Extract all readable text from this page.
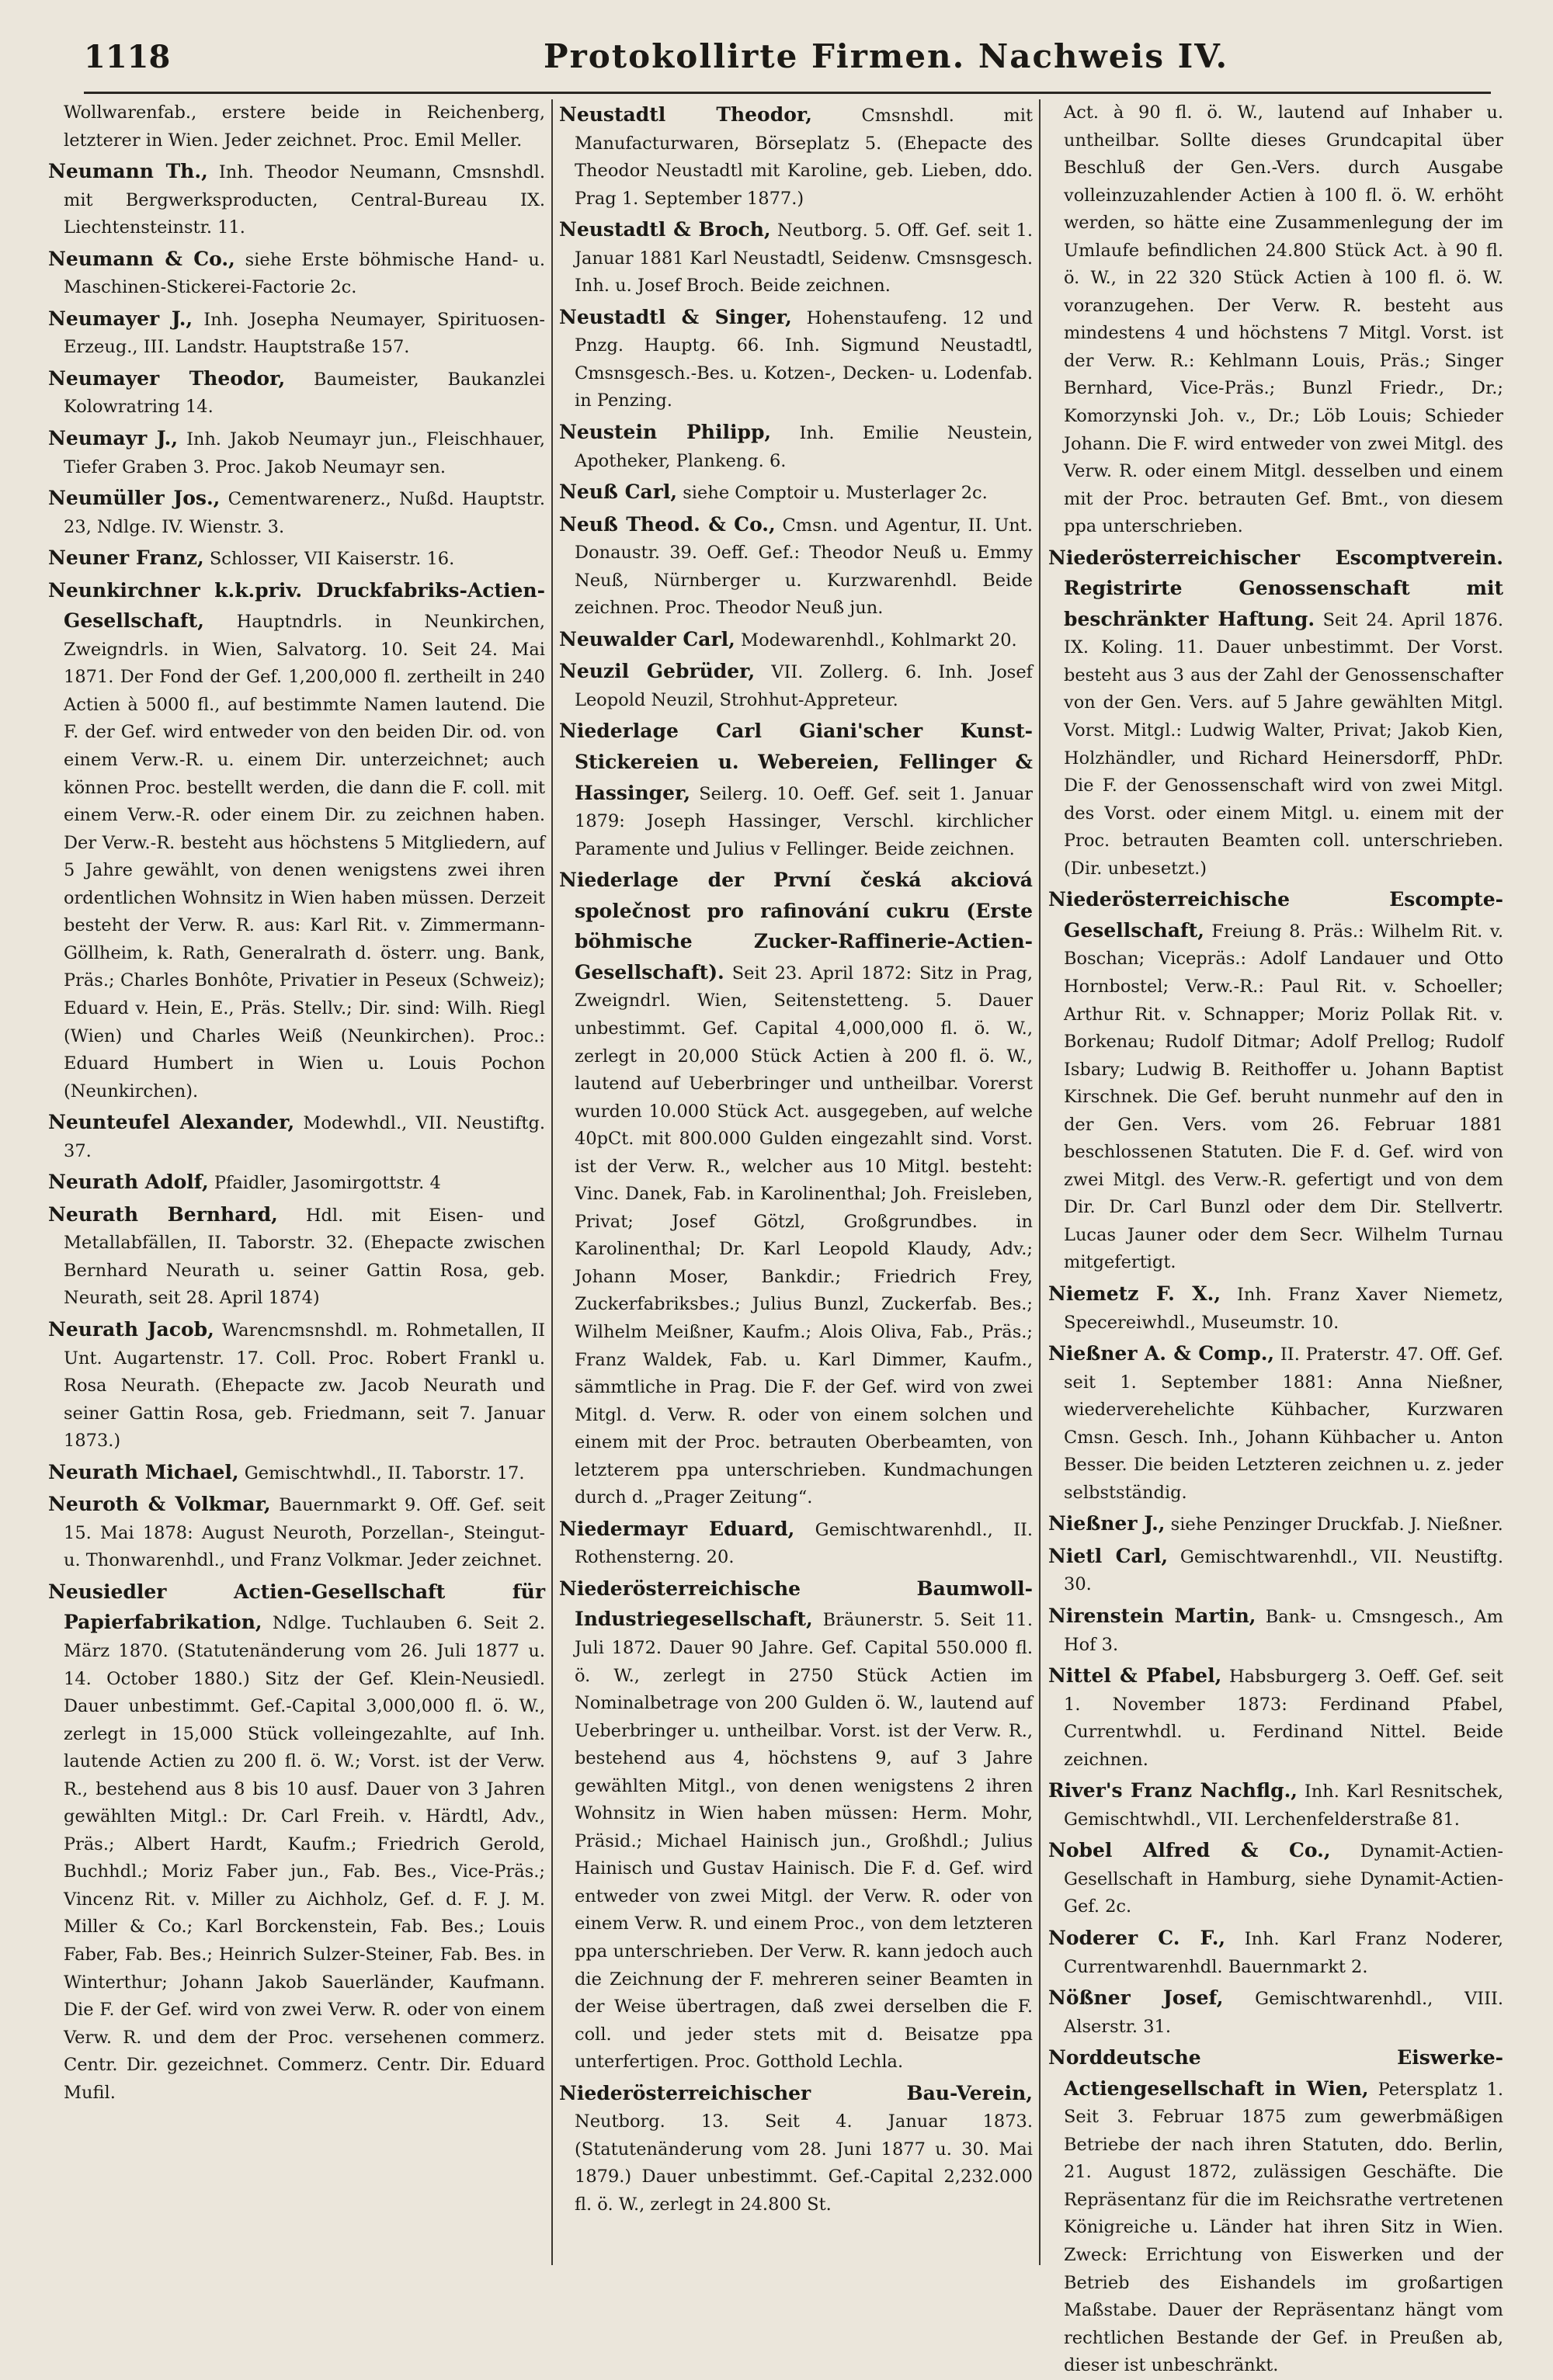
1118	Protokollirte Firmen. Nachweis IV.

Wollwarenfab., erstere beide in Reichenberg, letzterer in Wien. Jeder zeichnet. Proc. Emil Meller.

Neumann Th., Inh. Theodor Neumann, Cmsnshdl. mit Bergwerksproducten, Central-Bureau IX. Liechtensteinstr. 11.

Neumann & Co., siehe Erste böhmische Hand- u. Maschinen-Stickerei-Factorie 2c.

Neumayer J., Inh. Josepha Neumayer, Spirituosen-Erzeug., III. Landstr. Hauptstraße 157.

Neumayer Theodor, Baumeister, Baukanzlei Kolowratring 14.

Neumayr J., Inh. Jakob Neumayr jun., Fleischhauer, Tiefer Graben 3. Proc. Jakob Neumayr sen.

Neumüller Jos., Cementwarenerz., Nußd. Hauptstr. 23, Ndlge. IV. Wienstr. 3.

Neuner Franz, Schlosser, VII Kaiserstr. 16.

Neunkirchner k.k.priv. Druckfabriks-Actien-Gesellschaft, Hauptndrls. in Neunkirchen, Zweigndrls. in Wien, Salvatorg. 10. Seit 24. Mai 1871. Der Fond der Gef. 1,200,000 fl. zertheilt in 240 Actien à 5000 fl., auf bestimmte Namen lautend. Die F. der Gef. wird entweder von den beiden Dir. od. von einem Verw.-R. u. einem Dir. unterzeichnet; auch können Proc. bestellt werden, die dann die F. coll. mit einem Verw.-R. oder einem Dir. zu zeichnen haben. Der Verw.-R. besteht aus höchstens 5 Mitgliedern, auf 5 Jahre gewählt, von denen wenigstens zwei ihren ordentlichen Wohnsitz in Wien haben müssen. Derzeit besteht der Verw. R. aus: Karl Rit. v. Zimmermann-Göllheim, k. Rath, Generalrath d. österr. ung. Bank, Präs.; Charles Bonhôte, Privatier in Peseux (Schweiz); Eduard v. Hein, E., Präs. Stellv.; Dir. sind: Wilh. Riegl (Wien) und Charles Weiß (Neunkirchen). Proc.: Eduard Humbert in Wien u. Louis Pochon (Neunkirchen).

Neunteufel Alexander, Modewhdl., VII. Neustiftg. 37.

Neurath Adolf, Pfaidler, Jasomirgottstr. 4

Neurath Bernhard, Hdl. mit Eisen- und Metallabfällen, II. Taborstr. 32. (Ehepacte zwischen Bernhard Neurath u. seiner Gattin Rosa, geb. Neurath, seit 28. April 1874)

Neurath Jacob, Warencmsnshdl. m. Rohmetallen, II Unt. Augartenstr. 17. Coll. Proc. Robert Frankl u. Rosa Neurath. (Ehepacte zw. Jacob Neurath und seiner Gattin Rosa, geb. Friedmann, seit 7. Januar 1873.)

Neurath Michael, Gemischtwhdl., II. Taborstr. 17.

Neuroth & Volkmar, Bauernmarkt 9. Off. Gef. seit 15. Mai 1878: August Neuroth, Porzellan-, Steingut- u. Thonwarenhdl., und Franz Volkmar. Jeder zeichnet.

Neusiedler Actien-Gesellschaft für Papierfabrikation, Ndlge. Tuchlauben 6. Seit 2. März 1870. (Statutenänderung vom 26. Juli 1877 u. 14. October 1880.) Sitz der Gef. Klein-Neusiedl. Dauer unbestimmt. Gef.-Capital 3,000,000 fl. ö. W., zerlegt in 15,000 Stück volleingezahlte, auf Inh. lautende Actien zu 200 fl. ö. W.; Vorst. ist der Verw. R., bestehend aus 8 bis 10 ausf. Dauer von 3 Jahren gewählten Mitgl.: Dr. Carl Freih. v. Härdtl, Adv., Präs.; Albert Hardt, Kaufm.; Friedrich Gerold, Buchhdl.; Moriz Faber jun., Fab. Bes., Vice-Präs.; Vincenz Rit. v. Miller zu Aichholz, Gef. d. F. J. M. Miller & Co.; Karl Borckenstein, Fab. Bes.; Louis Faber, Fab. Bes.; Heinrich Sulzer-Steiner, Fab. Bes. in Winterthur; Johann Jakob Sauerländer, Kaufmann. Die F. der Gef. wird von zwei Verw. R. oder von einem Verw. R. und dem der Proc. versehenen commerz. Centr. Dir. gezeichnet. Commerz. Centr. Dir. Eduard Mufil.

Neustadtl Theodor,	Cmsnshdl. mit Manufacturwaren, Börseplatz 5. (Ehepacte des Theodor Neustadtl mit Karoline, geb. Lieben, ddo. Prag 1. September 1877.)

Neustadtl & Broch, Neutborg. 5. Off. Gef. seit 1. Januar 1881 Karl Neustadtl, Seidenw. Cmsnsgesch. Inh. u. Josef Broch. Beide zeichnen.

Neustadtl & Singer, Hohenstaufeng. 12 und Pnzg. Hauptg. 66. Inh. Sigmund Neustadtl, Cmsnsgesch.-Bes. u. Kotzen-, Decken- u. Lodenfab. in Penzing.

Neustein Philipp, Inh. Emilie Neustein, Apotheker, Plankeng. 6.

Neuß Carl, siehe Comptoir u. Musterlager 2c.

Neuß Theod. & Co., Cmsn. und Agentur, II. Unt. Donaustr. 39. Oeff. Gef.: Theodor Neuß u. Emmy Neuß, Nürnberger u. Kurzwarenhdl. Beide zeichnen. Proc. Theodor Neuß jun.

Neuwalder Carl, Modewarenhdl., Kohlmarkt 20.

Neuzil Gebrüder, VII. Zollerg. 6. Inh. Josef Leopold Neuzil, Strohhut-Appreteur.

Niederlage Carl Giani'scher Kunst-Stickereien u. Webereien, Fellinger & Hassinger, Seilerg. 10. Oeff. Gef. seit 1. Januar 1879: Joseph Hassinger, Verschl. kirchlicher Paramente und Julius v Fellinger. Beide zeichnen.

Niederlage der První česká akciová společnost pro rafinování cukru (Erste böhmische Zucker-Raffinerie-Actien-Gesellschaft). Seit 23. April 1872: Sitz in Prag, Zweigndrl. Wien, Seitenstetteng. 5. Dauer unbestimmt. Gef. Capital 4,000,000 fl. ö. W., zerlegt in 20,000 Stück Actien à 200 fl. ö. W., lautend auf Ueberbringer und untheilbar. Vorerst wurden 10.000 Stück Act. ausgegeben, auf welche 40pCt. mit 800.000 Gulden eingezahlt sind. Vorst. ist der Verw. R., welcher aus 10 Mitgl. besteht: Vinc. Danek, Fab. in Karolinenthal; Joh. Freisleben, Privat; Josef Götzl, Großgrundbes. in Karolinenthal; Dr. Karl Leopold Klaudy, Adv.; Johann Moser, Bankdir.; Friedrich Frey, Zuckerfabriksbes.; Julius Bunzl, Zuckerfab. Bes.; Wilhelm Meißner, Kaufm.; Alois Oliva, Fab., Präs.; Franz Waldek, Fab. u. Karl Dimmer, Kaufm., sämmtliche in Prag. Die F. der Gef. wird von zwei Mitgl. d. Verw. R. oder von einem solchen und einem mit der Proc. betrauten Oberbeamten, von letzterem ppa unterschrieben. Kundmachungen durch d. „Prager Zeitung“.

Niedermayr Eduard, Gemischtwarenhdl., II. Rothensterng. 20.

Niederösterreichische Baumwoll-Industriegesellschaft, Bräunerstr. 5. Seit 11. Juli 1872. Dauer 90 Jahre. Gef. Capital 550.000 fl. ö. W., zerlegt in 2750 Stück Actien im Nominalbetrage von 200 Gulden ö. W., lautend auf Ueberbringer u. untheilbar. Vorst. ist der Verw. R., bestehend aus 4, höchstens 9, auf 3 Jahre gewählten Mitgl., von denen wenigstens 2 ihren Wohnsitz in Wien haben müssen: Herm. Mohr, Präsid.; Michael Hainisch jun., Großhdl.; Julius Hainisch und Gustav Hainisch. Die F. d. Gef. wird entweder von zwei Mitgl. der Verw. R. oder von einem Verw. R. und einem Proc., von dem letzteren ppa unterschrieben. Der Verw. R. kann jedoch auch die Zeichnung der F. mehreren seiner Beamten in der Weise übertragen, daß zwei derselben die F. coll. und jeder stets mit d. Beisatze ppa unterfertigen. Proc. Gotthold Lechla.

Niederösterreichischer Bau-Verein, Neutborg. 13. Seit 4. Januar 1873. (Statutenänderung vom 28. Juni 1877 u. 30. Mai 1879.) Dauer unbestimmt. Gef.-Capital 2,232.000 fl. ö. W., zerlegt in 24.800 St.

Act. à 90 fl. ö. W., lautend auf Inhaber u. untheilbar. Sollte dieses Grundcapital über Beschluß der Gen.-Vers. durch Ausgabe volleinzuzahlender Actien à 100 fl. ö. W. erhöht werden, so hätte eine Zusammenlegung der im Umlaufe befindlichen 24.800 Stück Act. à 90 fl. ö. W., in 22 320 Stück Actien à 100 fl. ö. W. voranzugehen. Der Verw. R. besteht aus mindestens 4 und höchstens 7 Mitgl. Vorst. ist der Verw. R.: Kehlmann Louis, Präs.; Singer Bernhard, Vice-Präs.; Bunzl Friedr., Dr.; Komorzynski Joh. v., Dr.; Löb Louis; Schieder Johann. Die F. wird entweder von zwei Mitgl. des Verw. R. oder einem Mitgl. desselben und einem mit der Proc. betrauten Gef. Bmt., von diesem ppa unterschrieben.

Niederösterreichischer Escomptverein. Registrirte Genossenschaft mit beschränkter Haftung. Seit 24. April 1876. IX. Koling. 11. Dauer unbestimmt. Der Vorst. besteht aus 3 aus der Zahl der Genossenschafter von der Gen. Vers. auf 5 Jahre gewählten Mitgl. Vorst. Mitgl.: Ludwig Walter, Privat; Jakob Kien, Holzhändler, und Richard Heinersdorff, PhDr. Die F. der Genossenschaft wird von zwei Mitgl. des Vorst. oder einem Mitgl. u. einem mit der Proc. betrauten Beamten coll. unterschrieben. (Dir. unbesetzt.)

Niederösterreichische Escompte-Gesellschaft, Freiung 8. Präs.: Wilhelm Rit. v. Boschan; Vicepräs.: Adolf Landauer und Otto Hornbostel; Verw.-R.: Paul Rit. v. Schoeller; Arthur Rit. v. Schnapper; Moriz Pollak Rit. v. Borkenau; Rudolf Ditmar; Adolf Prellog; Rudolf Isbary; Ludwig B. Reithoffer u. Johann Baptist Kirschnek. Die Gef. beruht nunmehr auf den in der Gen. Vers. vom 26. Februar 1881 beschlossenen Statuten. Die F. d. Gef. wird von zwei Mitgl. des Verw.-R. gefertigt und von dem Dir. Dr. Carl Bunzl oder dem Dir. Stellvertr. Lucas Jauner oder dem Secr. Wilhelm Turnau mitgefertigt.

Niemetz F. X., Inh. Franz Xaver Niemetz, Specereiwhdl., Museumstr. 10.

Nießner A. & Comp., II. Praterstr. 47. Off. Gef. seit 1. September 1881: Anna Nießner, wiederverehelichte Kühbacher, Kurzwaren Cmsn. Gesch. Inh., Johann Kühbacher u. Anton Besser. Die beiden Letzteren zeichnen u. z. jeder selbstständig.

Nießner J., siehe Penzinger Druckfab. J. Nießner.

Nietl Carl, Gemischtwarenhdl., VII. Neustiftg. 30.

Nirenstein Martin, Bank- u. Cmsngesch., Am Hof 3.

Nittel & Pfabel, Habsburgerg 3. Oeff. Gef. seit 1. November 1873: Ferdinand Pfabel, Currentwhdl. u. Ferdinand Nittel. Beide zeichnen.

River's Franz Nachflg., Inh. Karl Resnitschek, Gemischtwhdl., VII. Lerchenfelderstraße 81.

Nobel Alfred & Co., Dynamit-Actien-Gesellschaft in Hamburg, siehe Dynamit-Actien-Gef. 2c.

Noderer C. F., Inh. Karl Franz Noderer, Currentwarenhdl. Bauernmarkt 2.

Nößner Josef, Gemischtwarenhdl., VIII. Alserstr. 31.

Norddeutsche Eiswerke-Actiengesellschaft in Wien, Petersplatz 1. Seit 3. Februar 1875 zum gewerbmäßigen Betriebe der nach ihren Statuten, ddo. Berlin, 21. August 1872, zulässigen Geschäfte. Die Repräsentanz für die im Reichsrathe vertretenen Königreiche u. Länder hat ihren Sitz in Wien. Zweck: Errichtung von Eiswerken und der Betrieb des Eishandels im großartigen Maßstabe. Dauer der Repräsentanz hängt vom rechtlichen Bestande der Gef. in Preußen ab, dieser ist unbeschränkt.
